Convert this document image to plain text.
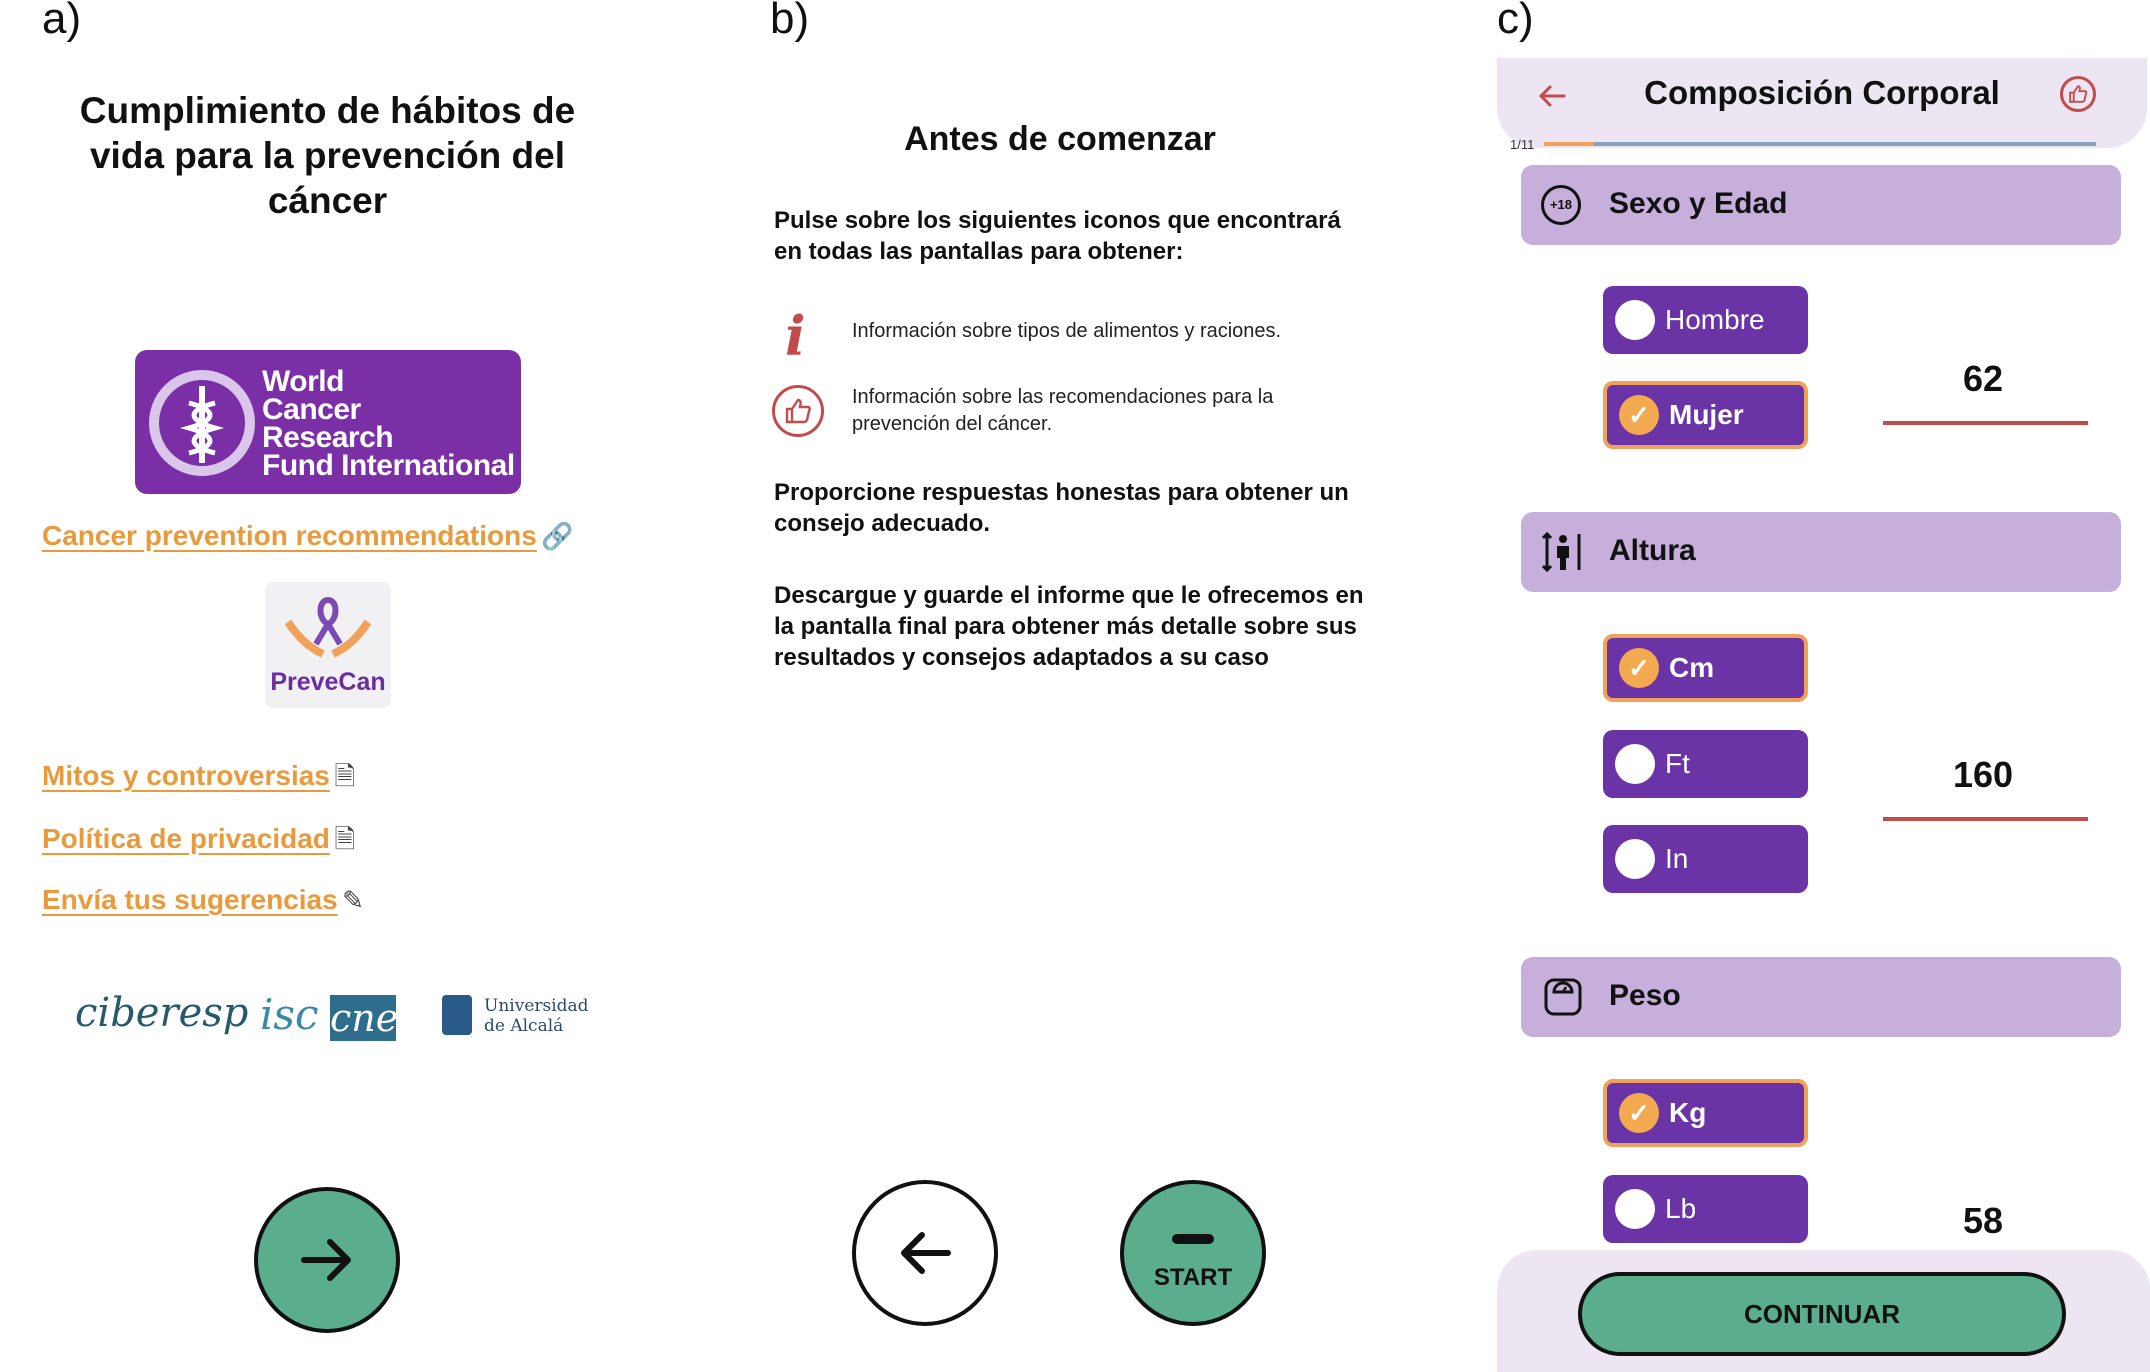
a)	b)	c)
Cumplimiento de hábitos de vida para la prevención del cáncer
World
Cancer
Research
Fund International
Cancer prevention recommendations 🔗
PreveCan
Mitos y controversias 🗎
Política de privacidad 🗎
Envía tus sugerencias ✎
ciberesp isc cne	Universidad
de Alcalá
Antes de comenzar
Pulse sobre los siguientes iconos que encontrará en todas las pantallas para obtener:
i Información sobre tipos de alimentos y raciones.
Información sobre las recomendaciones para la prevención del cáncer.
Proporcione respuestas honestas para obtener un consejo adecuado.
Descargue y guarde el informe que le ofrecemos en la pantalla final para obtener más detalle sobre sus resultados y consejos adaptados a su caso
START
Composición Corporal
1/11
+18 Sexo y Edad
Hombre
✓ Mujer
62
Altura
✓ Cm
Ft
In
160
Peso
✓ Kg
Lb	58
CONTINUAR
